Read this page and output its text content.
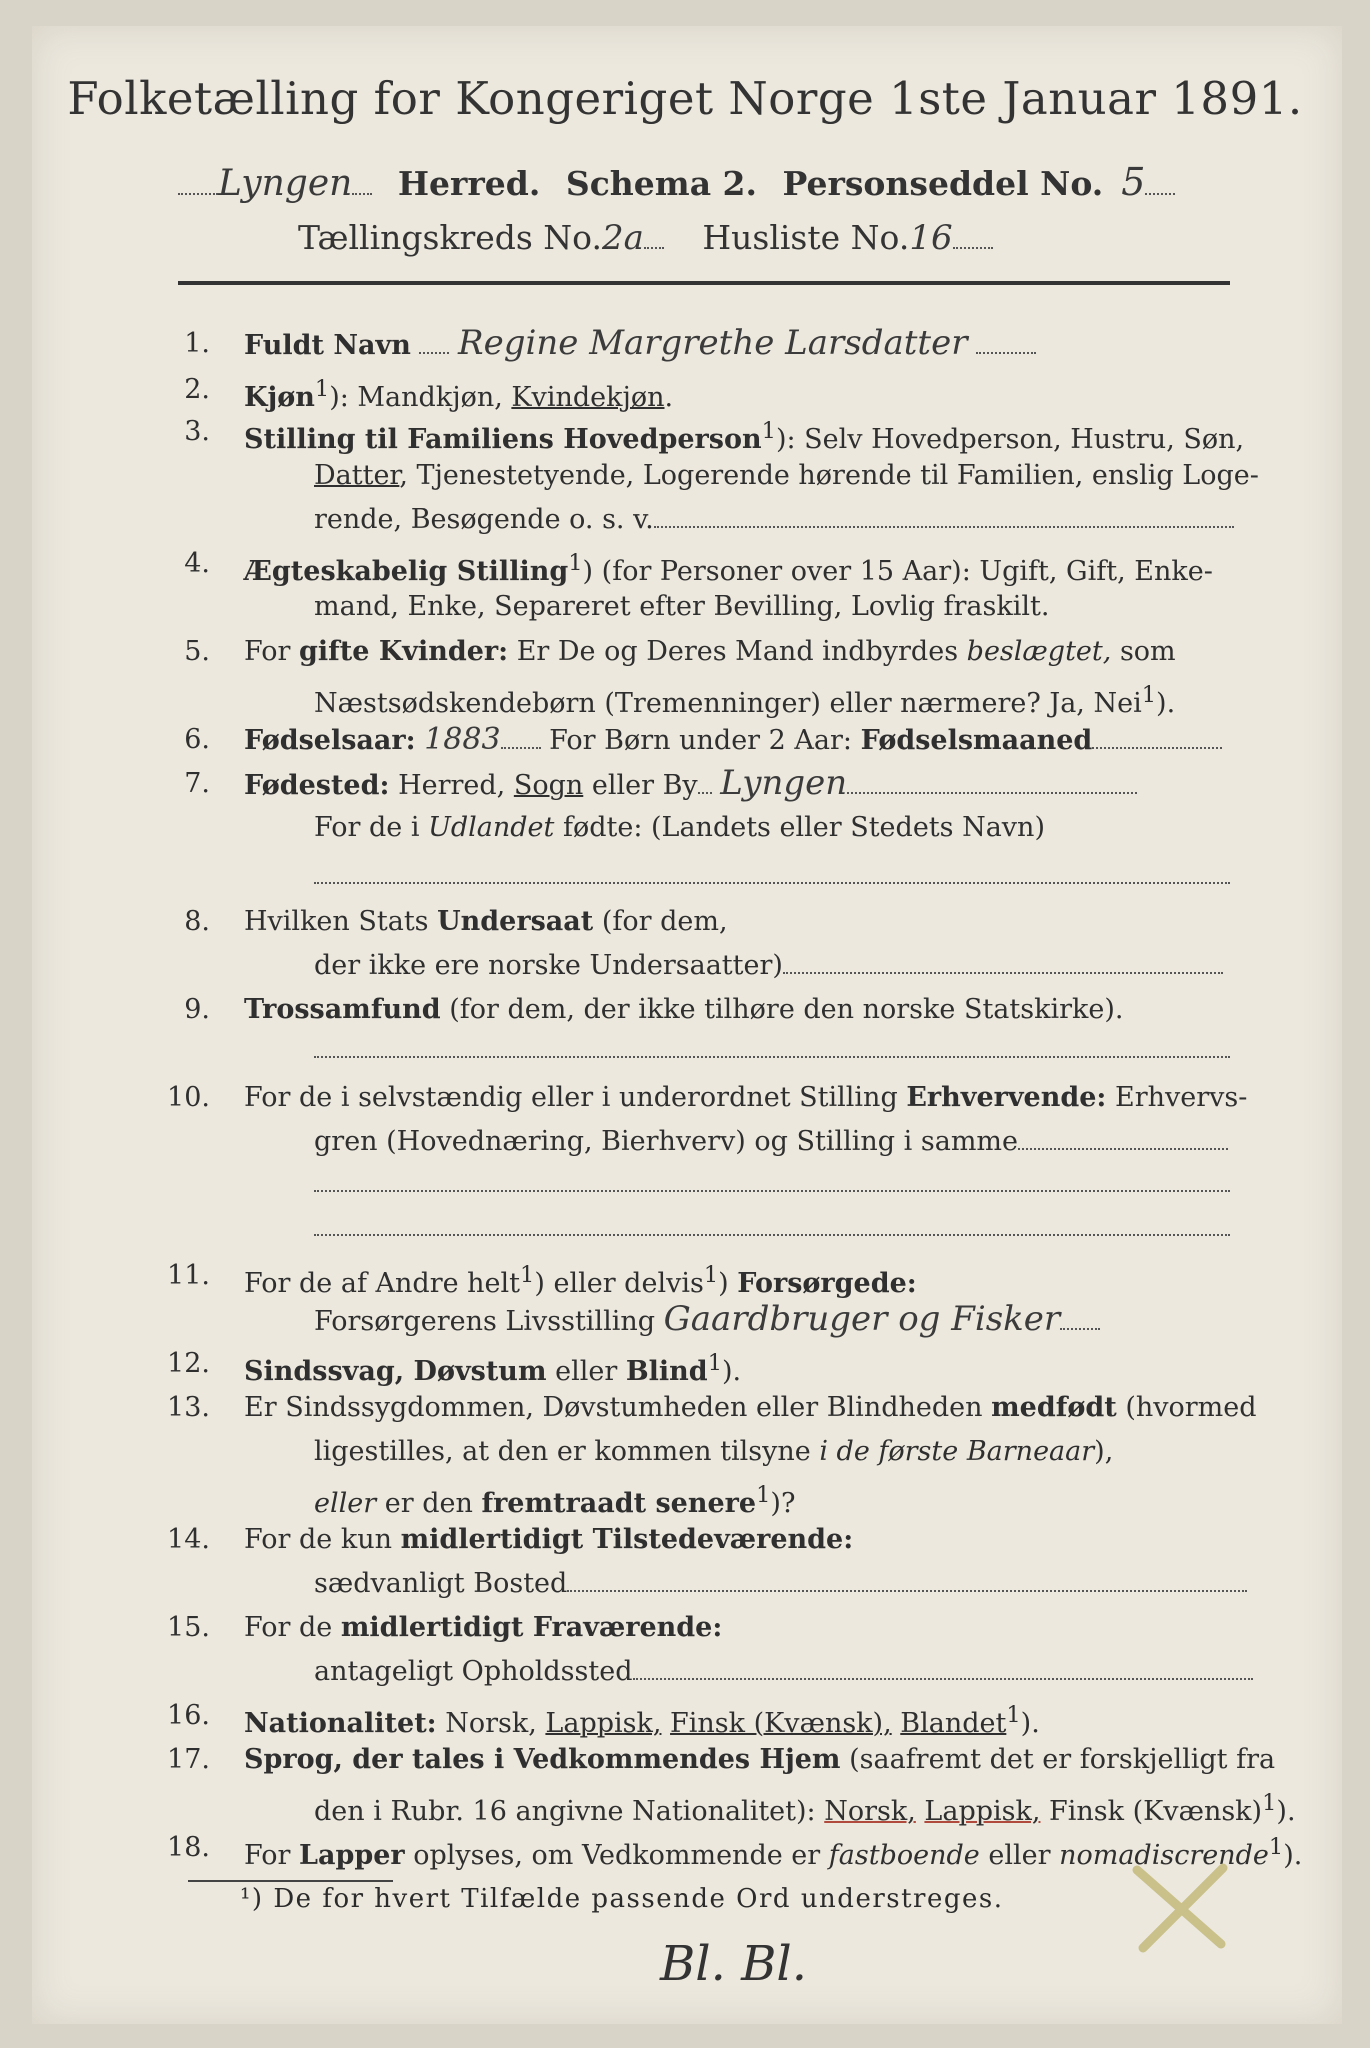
Folketælling for Kongeriget Norge 1ste Januar 1891.
Lyngen Herred. Schema 2. Personseddel No. 5
Tællingskreds No.2a Husliste No.16
1. Fuldt Navn Regine Margrethe Larsdatter
2. Kjøn$^1$): Mandkjøn, Kvindekjøn.
3. Stilling til Familiens Hovedperson$^1$): Selv Hovedperson, Hustru, Søn,
Datter, Tjenestetyende, Logerende hørende til Familien, enslig Loge-
rende, Besøgende o. s. v.
4. Ægteskabelig Stilling$^1$) (for Personer over 15 Aar): Ugift, Gift, Enke-
mand, Enke, Separeret efter Bevilling, Lovlig fraskilt.
5. For gifte Kvinder: Er De og Deres Mand indbyrdes beslægtet, som
Næstsødskendebørn (Tremenninger) eller nærmere? Ja, Nei$^1$).
6. Fødselsaar: 1883 For Børn under 2 Aar: Fødselsmaaned
7. Fødested: Herred, Sogn eller By Lyngen
For de i Udlandet fødte: (Landets eller Stedets Navn)
8. Hvilken Stats Undersaat (for dem,
der ikke ere norske Undersaatter)
9. Trossamfund (for dem, der ikke tilhøre den norske Statskirke).
10. For de i selvstændig eller i underordnet Stilling Erhvervende: Erhvervs-
gren (Hovednæring, Bierhverv) og Stilling i samme
11. For de af Andre helt$^1$) eller delvis$^1$) Forsørgede:
Forsørgerens Livsstilling Gaardbruger og Fisker
12. Sindssvag, Døvstum eller Blind$^1$).
13. Er Sindssygdommen, Døvstumheden eller Blindheden medfødt (hvormed
ligestilles, at den er kommen tilsyne i de første Barneaar),
eller er den fremtraadt senere$^1$)?
14. For de kun midlertidigt Tilstedeværende:
sædvanligt Bosted
15. For de midlertidigt Fraværende:
antageligt Opholdssted
16. Nationalitet: Norsk, Lappisk, Finsk (Kvænsk), Blandet$^1$).
17. Sprog, der tales i Vedkommendes Hjem (saafremt det er forskjelligt fra
den i Rubr. 16 angivne Nationalitet): Norsk, Lappisk, Finsk (Kvænsk)$^1$).
18. For Lapper oplyses, om Vedkommende er fastboende eller nomadiscrende$^1$).
¹) De for hvert Tilfælde passende Ord understreges.
Bl. Bl.
